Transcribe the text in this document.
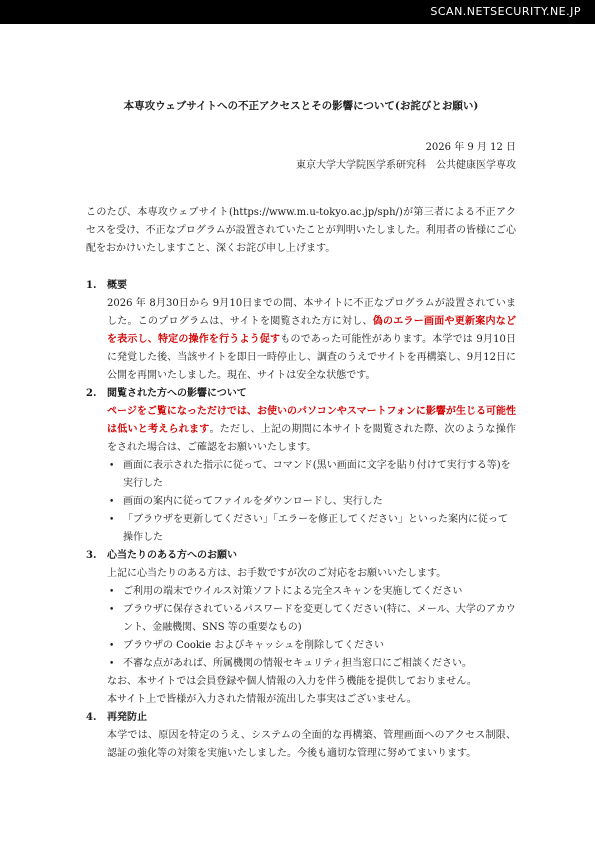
SCAN.NETSECURITY.NE.JP
本専攻ウェブサイトへの不正アクセスとその影響について(お詫びとお願い)
2026 年 9 月 12 日
東京大学大学院医学系研究科　公共健康医学専攻
このたび、本専攻ウェブサイト(https://www.m.u-tokyo.ac.jp/sph/)が第三者による不正アクセスを受け、不正なプログラムが設置されていたことが判明いたしました。利用者の皆様にご心配をおかけいたしますこと、深くお詫び申し上げます。
1. 概要
2026 年 8月30日から 9月10日までの間、本サイトに不正なプログラムが設置されていました。このプログラムは、サイトを閲覧された方に対し、偽のエラー画面や更新案内などを表示し、特定の操作を行うよう促すものであった可能性があります。本学では 9月10日に発覚した後、当該サイトを即日一時停止し、調査のうえでサイトを再構築し、9月12日に公開を再開いたしました。現在、サイトは安全な状態です。
2. 閲覧された方への影響について
ページをご覧になっただけでは、お使いのパソコンやスマートフォンに影響が生じる可能性は低いと考えられます。ただし、上記の期間に本サイトを閲覧された際、次のような操作をされた場合は、ご確認をお願いいたします。
• 画面に表示された指示に従って、コマンド(黒い画面に文字を貼り付けて実行する等)を実行した
• 画面の案内に従ってファイルをダウンロードし、実行した
• 「ブラウザを更新してください」「エラーを修正してください」といった案内に従って操作した
3. 心当たりのある方へのお願い
上記に心当たりのある方は、お手数ですが次のご対応をお願いいたします。
• ご利用の端末でウイルス対策ソフトによる完全スキャンを実施してください
• ブラウザに保存されているパスワードを変更してください(特に、メール、大学のアカウント、金融機関、SNS 等の重要なもの)
• ブラウザの Cookie およびキャッシュを削除してください
• 不審な点があれば、所属機関の情報セキュリティ担当窓口にご相談ください。
なお、本サイトでは会員登録や個人情報の入力を伴う機能を提供しておりません。
本サイト上で皆様が入力された情報が流出した事実はございません。
4. 再発防止
本学では、原因を特定のうえ、システムの全面的な再構築、管理画面へのアクセス制限、認証の強化等の対策を実施いたしました。今後も適切な管理に努めてまいります。
